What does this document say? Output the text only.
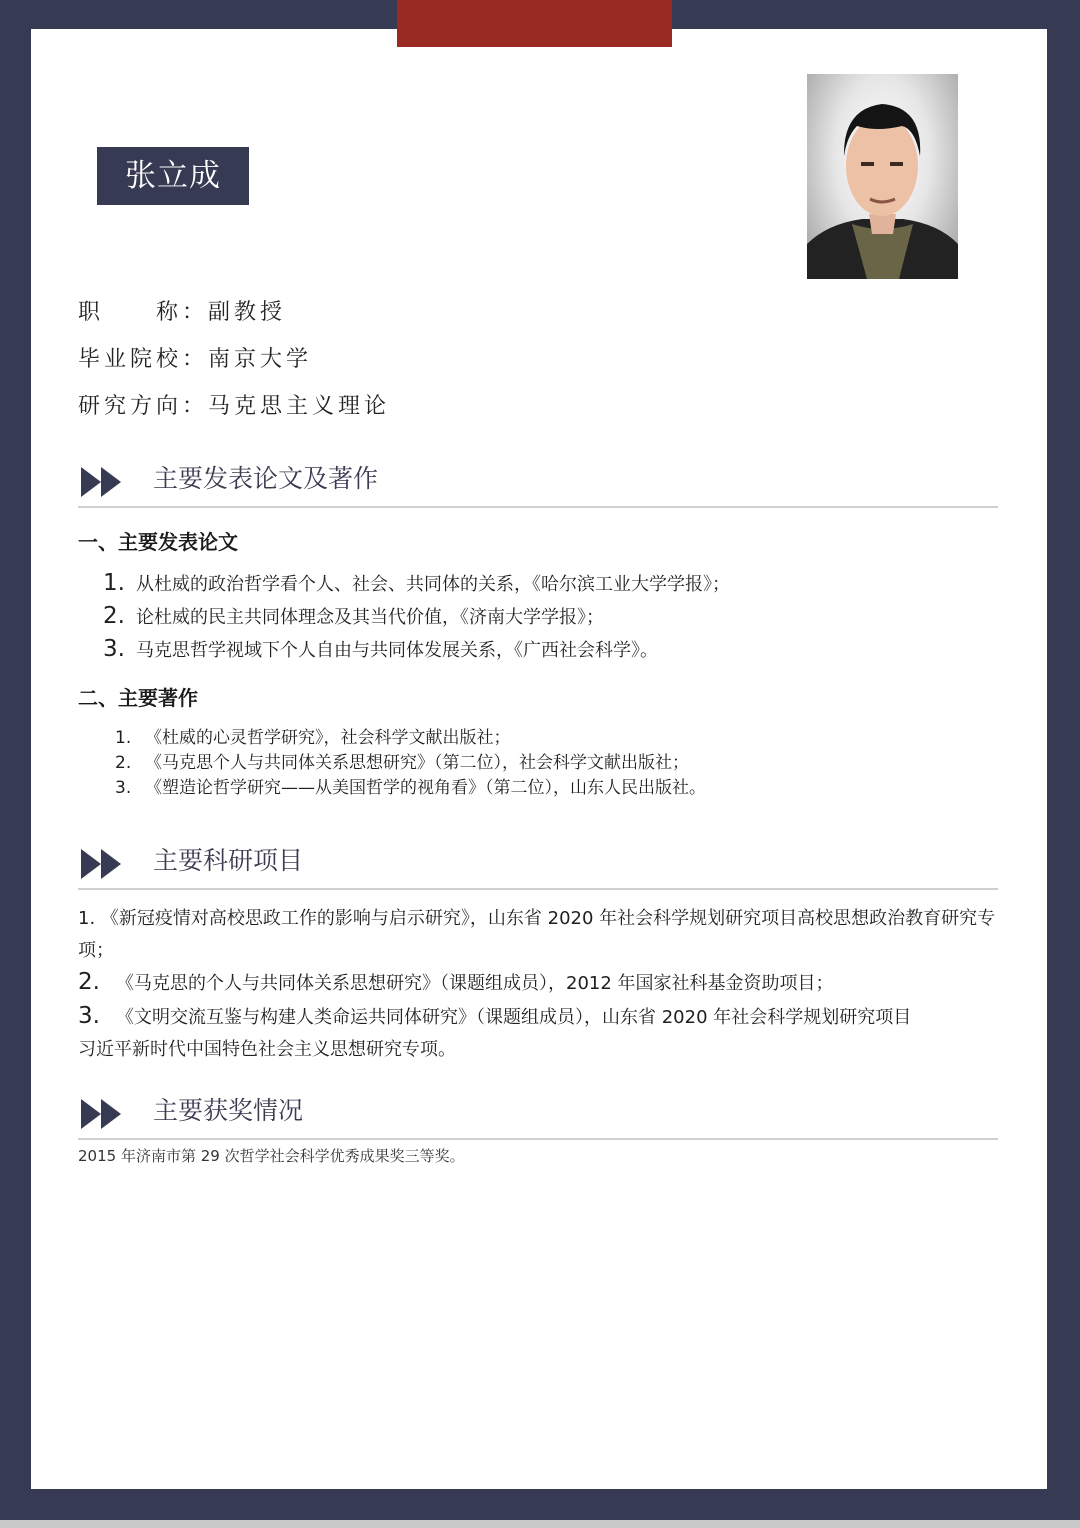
张立成
职　　称：副教授
毕业院校：南京大学
研究方向：马克思主义理论
主要发表论文及著作
一、主要发表论文
1. 从杜威的政治哲学看个人、社会、共同体的关系，《哈尔滨工业大学学报》；
2. 论杜威的民主共同体理念及其当代价值，《济南大学学报》；
3. 马克思哲学视域下个人自由与共同体发展关系，《广西社会科学》。
二、主要著作
1. 《杜威的心灵哲学研究》，社会科学文献出版社；
2. 《马克思个人与共同体关系思想研究》（第二位），社会科学文献出版社；
3. 《塑造论哲学研究——从美国哲学的视角看》（第二位），山东人民出版社。
主要科研项目
1. 《新冠疫情对高校思政工作的影响与启示研究》，山东省 2020 年社会科学规划研究项目高校思想政治教育研究专项；
2. 《马克思的个人与共同体关系思想研究》（课题组成员），2012 年国家社科基金资助项目；
3. 《文明交流互鉴与构建人类命运共同体研究》（课题组成员），山东省 2020 年社会科学规划研究项目
习近平新时代中国特色社会主义思想研究专项。
主要获奖情况
2015 年济南市第 29 次哲学社会科学优秀成果奖三等奖。
